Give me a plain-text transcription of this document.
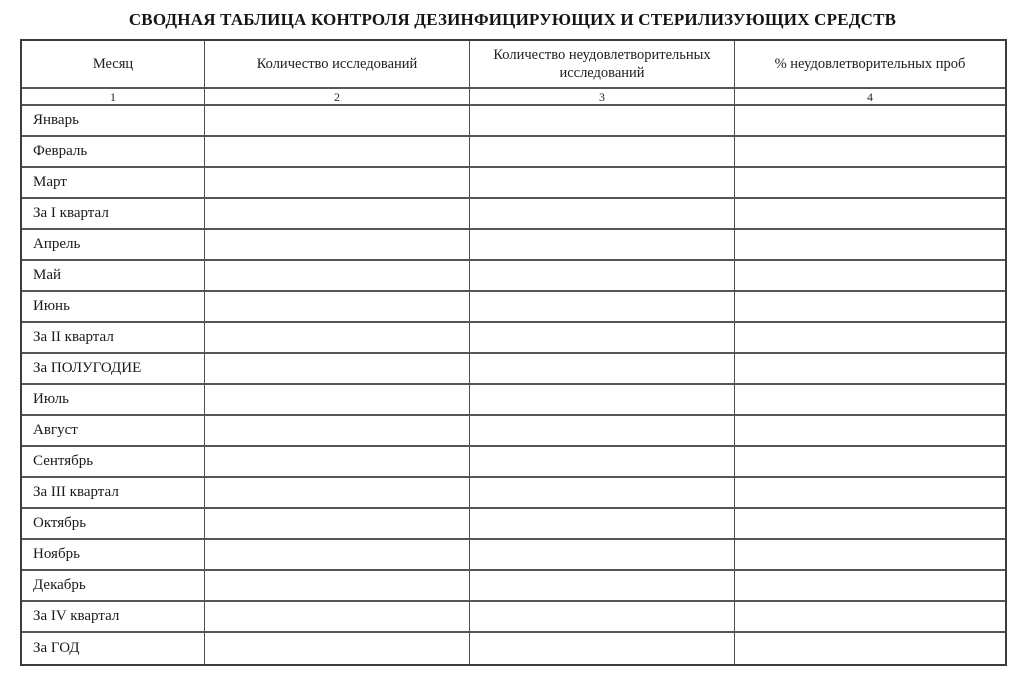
СВОДНАЯ ТАБЛИЦА КОНТРОЛЯ ДЕЗИНФИЦИРУЮЩИХ И СТЕРИЛИЗУЮЩИХ СРЕДСТВ
Месяц	Количество исследований	Количество неудовлетворительных исследований	% неудовлетворительных проб
1	2	3	4
Январь			
Февраль			
Март			
За I квартал			
Апрель			
Май			
Июнь			
За II квартал			
За ПОЛУГОДИЕ			
Июль			
Август			
Сентябрь			
За III квартал			
Октябрь			
Ноябрь			
Декабрь			
За IV квартал			
За ГОД			
